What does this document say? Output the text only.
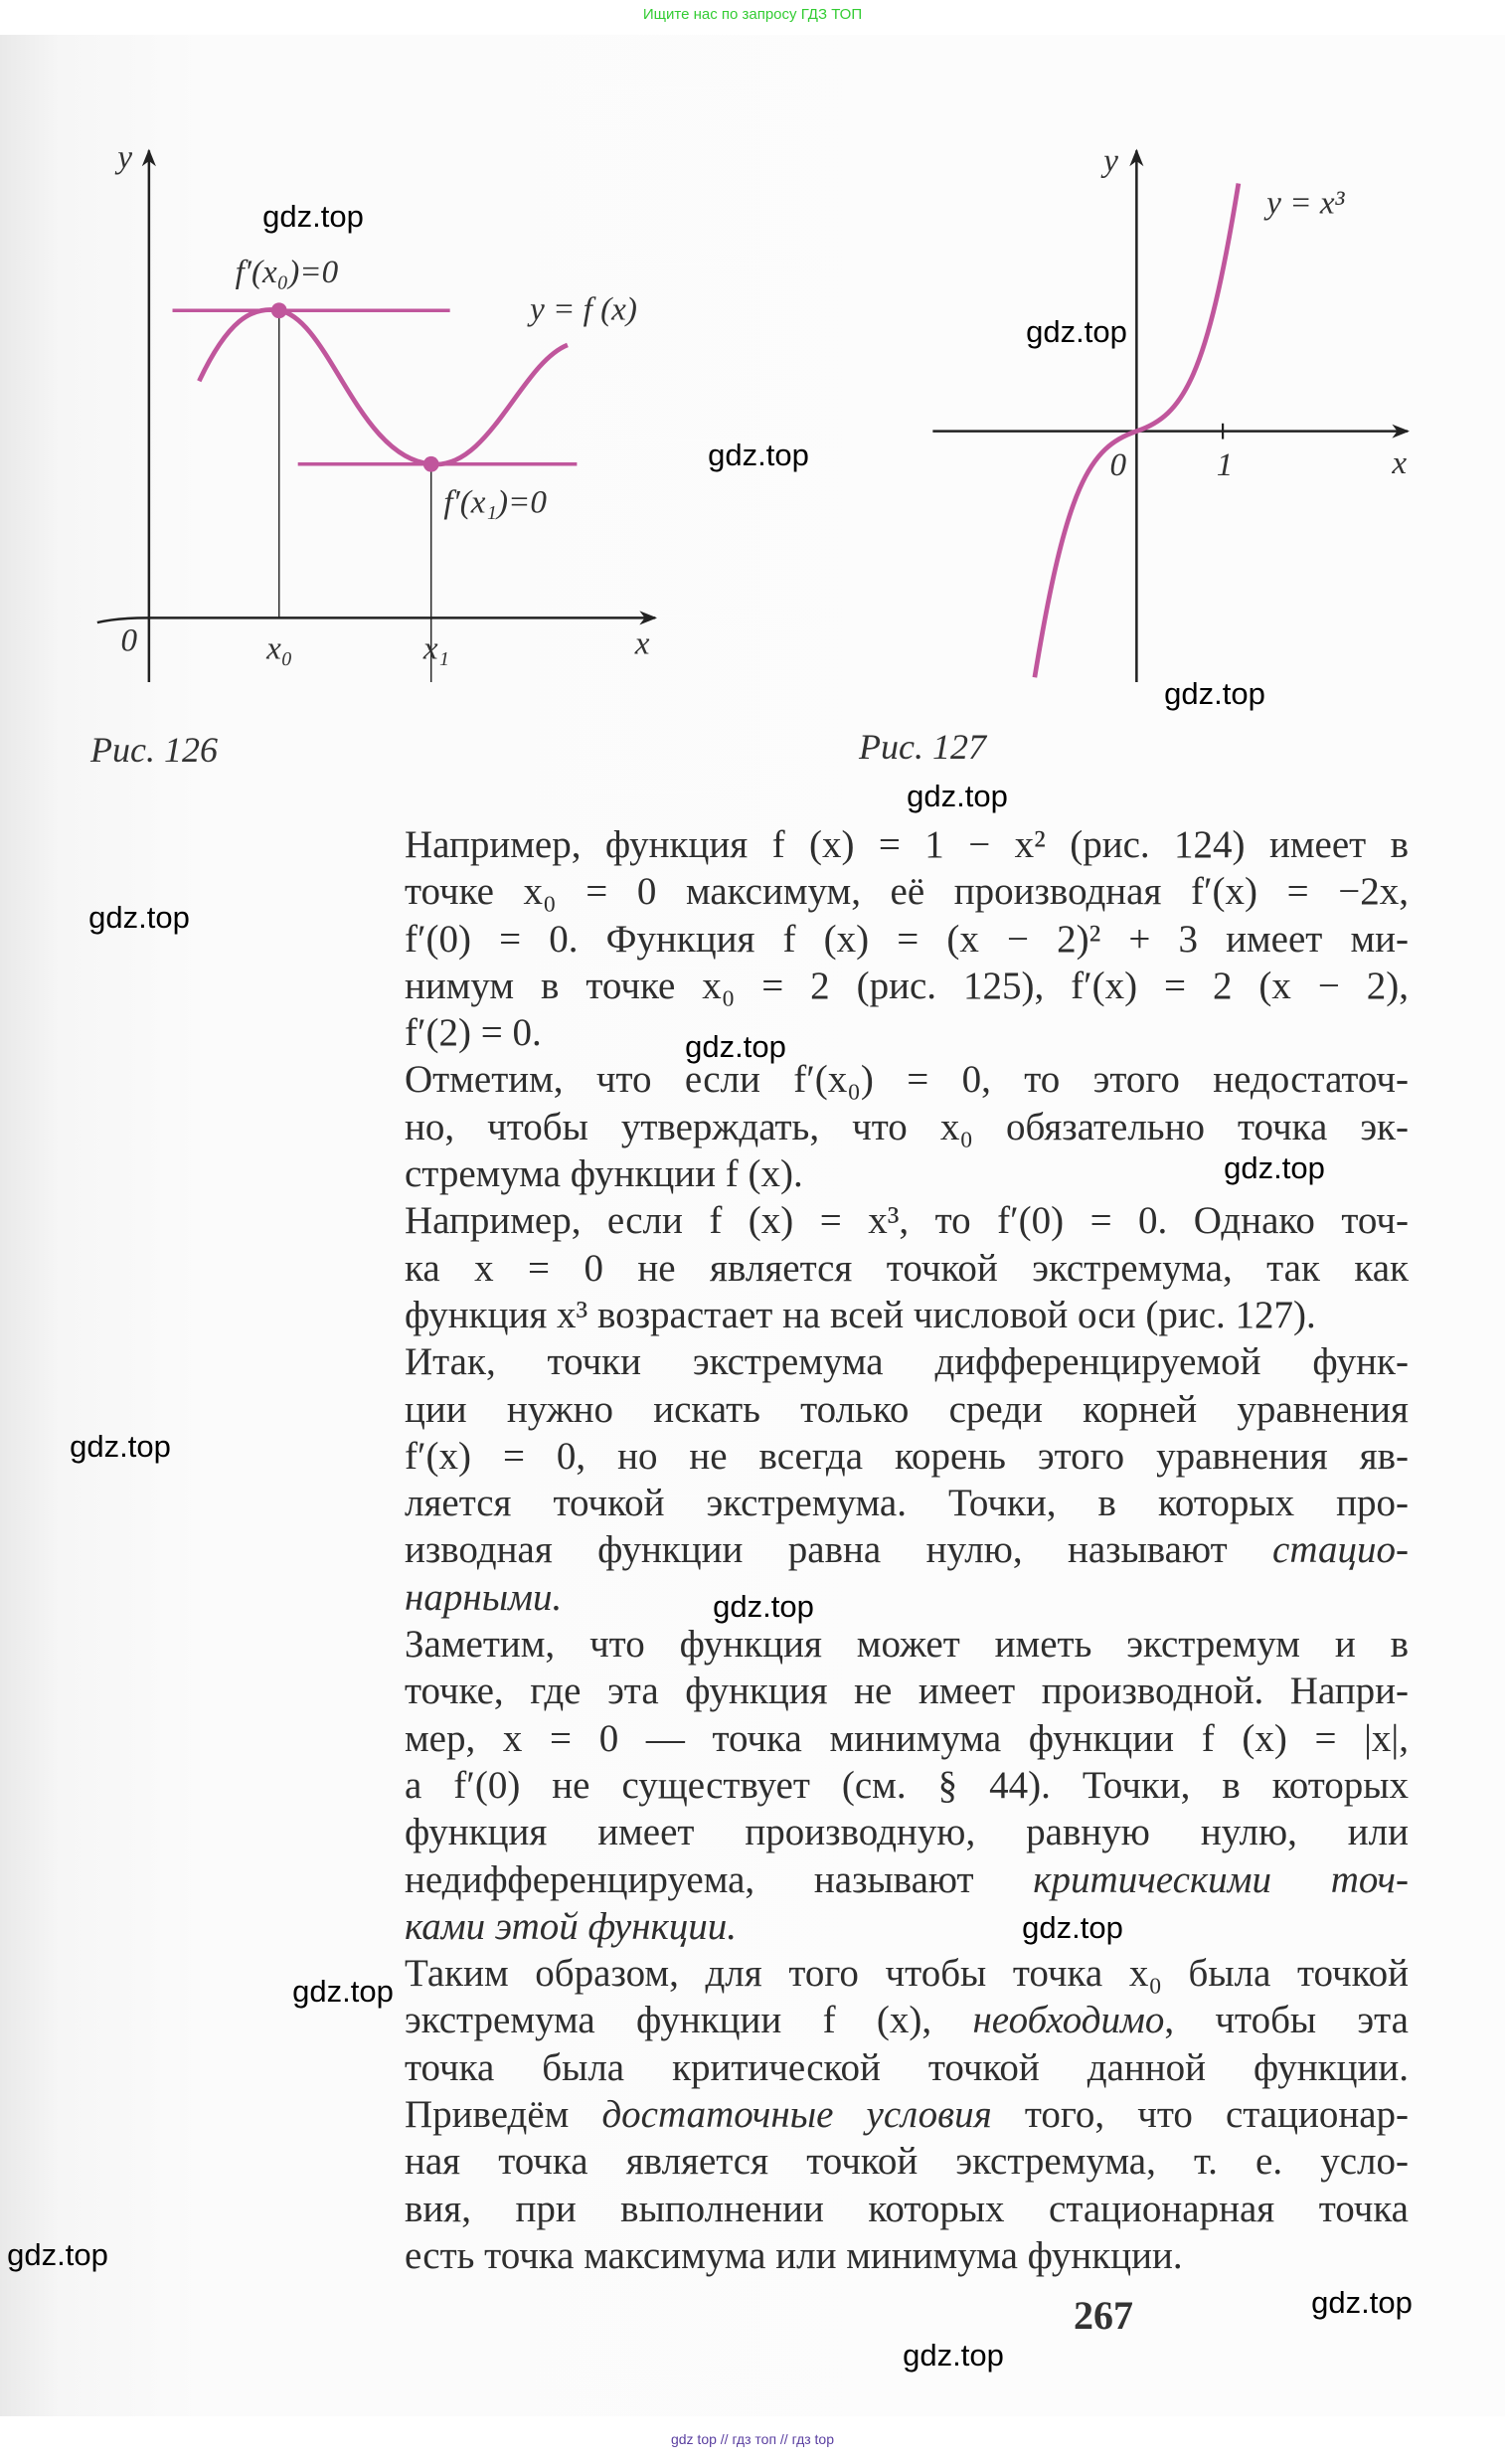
Ищите нас по запросу ГДЗ ТОП
y
0	x₀	x₁	x
f′(x₀)=0
f′(x₁)=0
y = f (x)
y
0	1	x
y = x³
Рис. 126	Рис. 127
Например, функция f (x) = 1 − x² (рис. 124) имеет в
точке x₀ = 0 максимум, её производная f′(x) = −2x,
f′(0) = 0. Функция f (x) = (x − 2)² + 3 имеет ми-
нимум в точке x₀ = 2 (рис. 125), f′(x) = 2 (x − 2),
f′(2) = 0.
Отметим, что если f′(x₀) = 0, то этого недостаточ-
но, чтобы утверждать, что x₀ обязательно точка эк-
стремума функции f (x).
Например, если f (x) = x³, то f′(0) = 0. Однако точ-
ка x = 0 не является точкой экстремума, так как
функция x³ возрастает на всей числовой оси (рис. 127).
Итак, точки экстремума дифференцируемой функ-
ции нужно искать только среди корней уравнения
f′(x) = 0, но не всегда корень этого уравнения яв-
ляется точкой экстремума. Точки, в которых про-
изводная функции равна нулю, называют стацио-
нарными.
Заметим, что функция может иметь экстремум и в
точке, где эта функция не имеет производной. Напри-
мер, x = 0 — точка минимума функции f (x) = |x|,
а f′(0) не существует (см. § 44). Точки, в которых
функция имеет производную, равную нулю, или
недифференцируема, называют критическими точ-
ками этой функции.
Таким образом, для того чтобы точка x₀ была точкой
экстремума функции f (x), необходимо, чтобы эта
точка была критической точкой данной функции.
Приведём достаточные условия того, что стационар-
ная точка является точкой экстремума, т. е. усло-
вия, при выполнении которых стационарная точка
есть точка максимума или минимума функции.
267
gdz.top
gdz.top
gdz.top
gdz.top
gdz.top
gdz.top
gdz.top
gdz.top
gdz.top
gdz.top
gdz.top
gdz.top
gdz.top
gdz.top
gdz.top
gdz top // гдз топ // гдз top
